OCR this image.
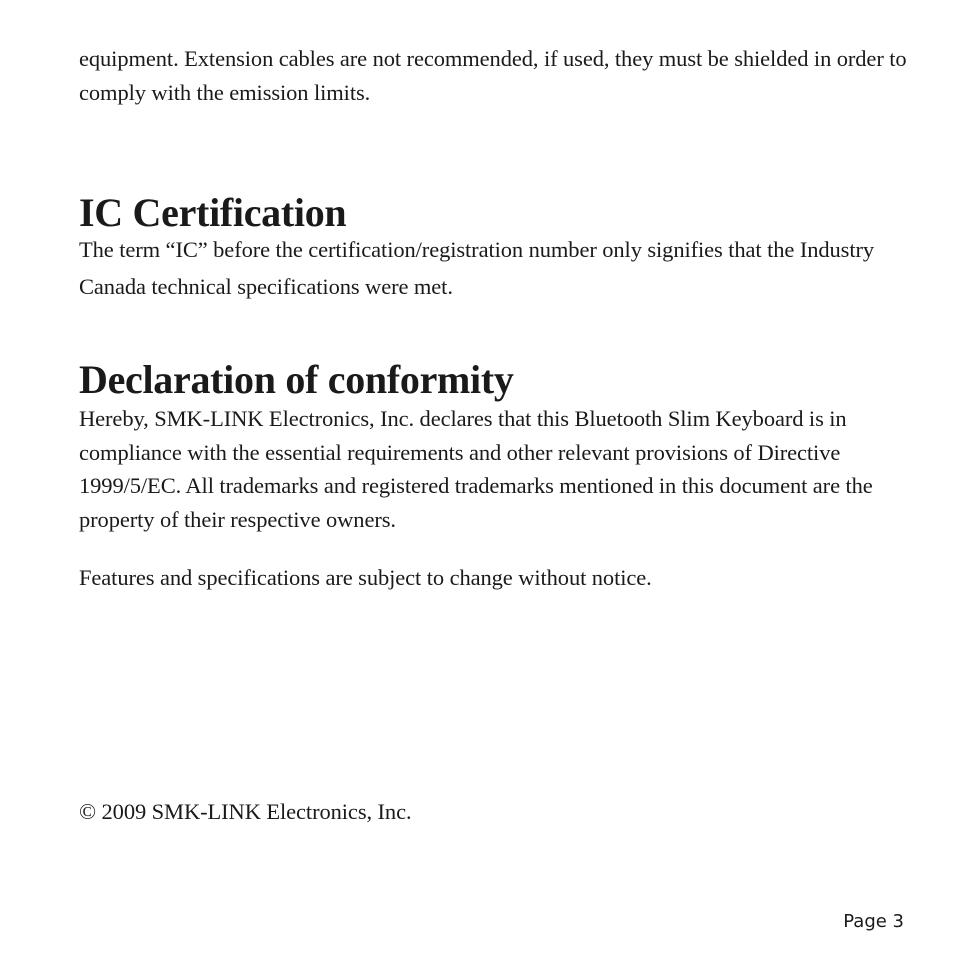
equipment. Extension cables are not recommended, if used, they must be shielded in order to comply with the emission limits.

IC Certification

The term “IC” before the certification/registration number only signifies that the Industry Canada technical specifications were met.

Declaration of conformity

Hereby, SMK-LINK Electronics, Inc. declares that this Bluetooth Slim Keyboard is in compliance with the essential requirements and other relevant provisions of Directive 1999/5/EC. All trademarks and registered trademarks mentioned in this document are the property of their respective owners.

Features and specifications are subject to change without notice.

© 2009 SMK-LINK Electronics, Inc.

Page 3
